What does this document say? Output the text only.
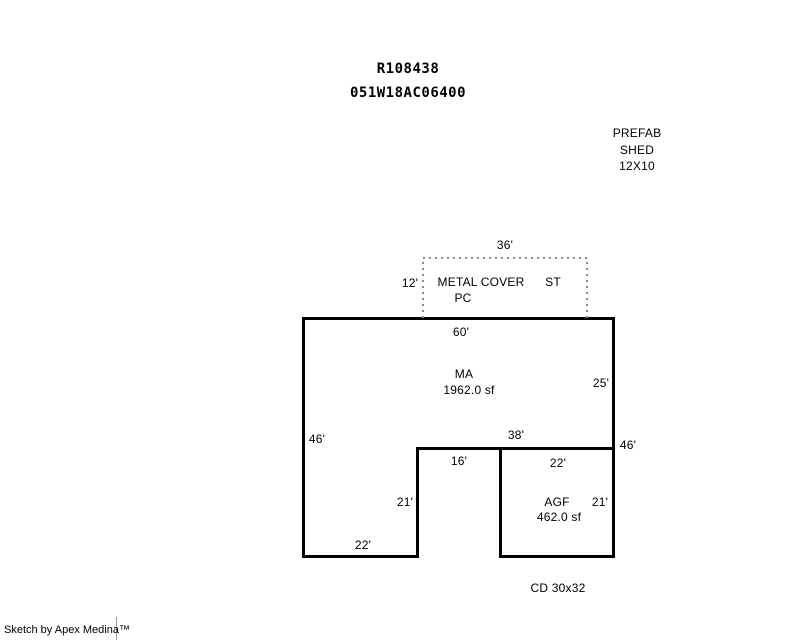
R108438
051W18AC06400
PREFAB
SHED
12X10
36'
12' METAL COVER ST
PC
60'
MA
1962.0 sf	25'
46'	38'
46'
16'
21'
22'
22'
AGF 21'
462.0 sf
CD 30x32
Sketch by Apex Medina™
